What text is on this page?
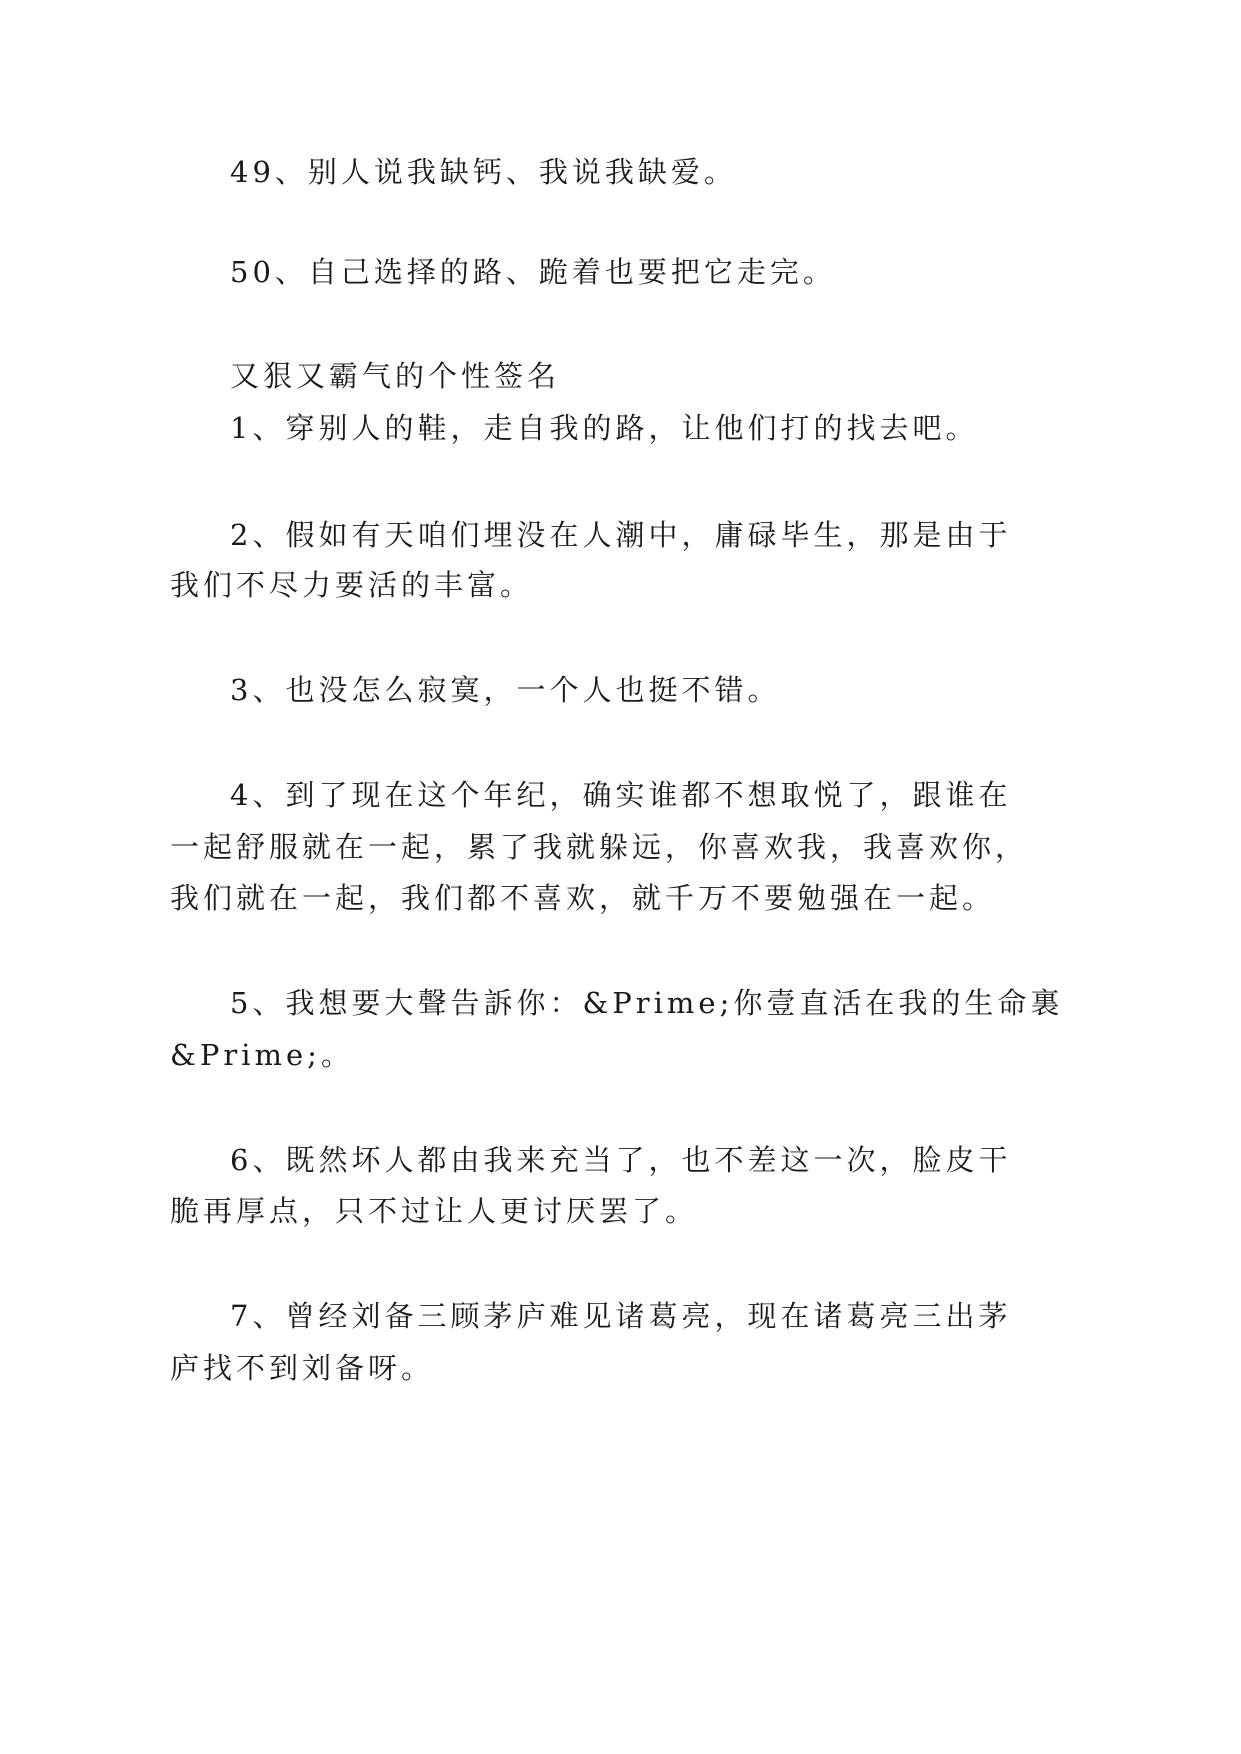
49、别人说我缺钙、我说我缺爱。
50、自己选择的路、跪着也要把它走完。
又狠又霸气的个性签名
1、穿别人的鞋，走自我的路，让他们打的找去吧。
2、假如有天咱们埋没在人潮中，庸碌毕生，那是由于
我们不尽力要活的丰富。
3、也没怎么寂寞，一个人也挺不错。
4、到了现在这个年纪，确实谁都不想取悦了，跟谁在
一起舒服就在一起，累了我就躲远，你喜欢我，我喜欢你，
我们就在一起，我们都不喜欢，就千万不要勉强在一起。
5、我想要大聲告訴你：&Prime;你壹直活在我的生命裏
&Prime;。
6、既然坏人都由我来充当了，也不差这一次，脸皮干
脆再厚点，只不过让人更讨厌罢了。
7、曾经刘备三顾茅庐难见诸葛亮，现在诸葛亮三出茅
庐找不到刘备呀。
